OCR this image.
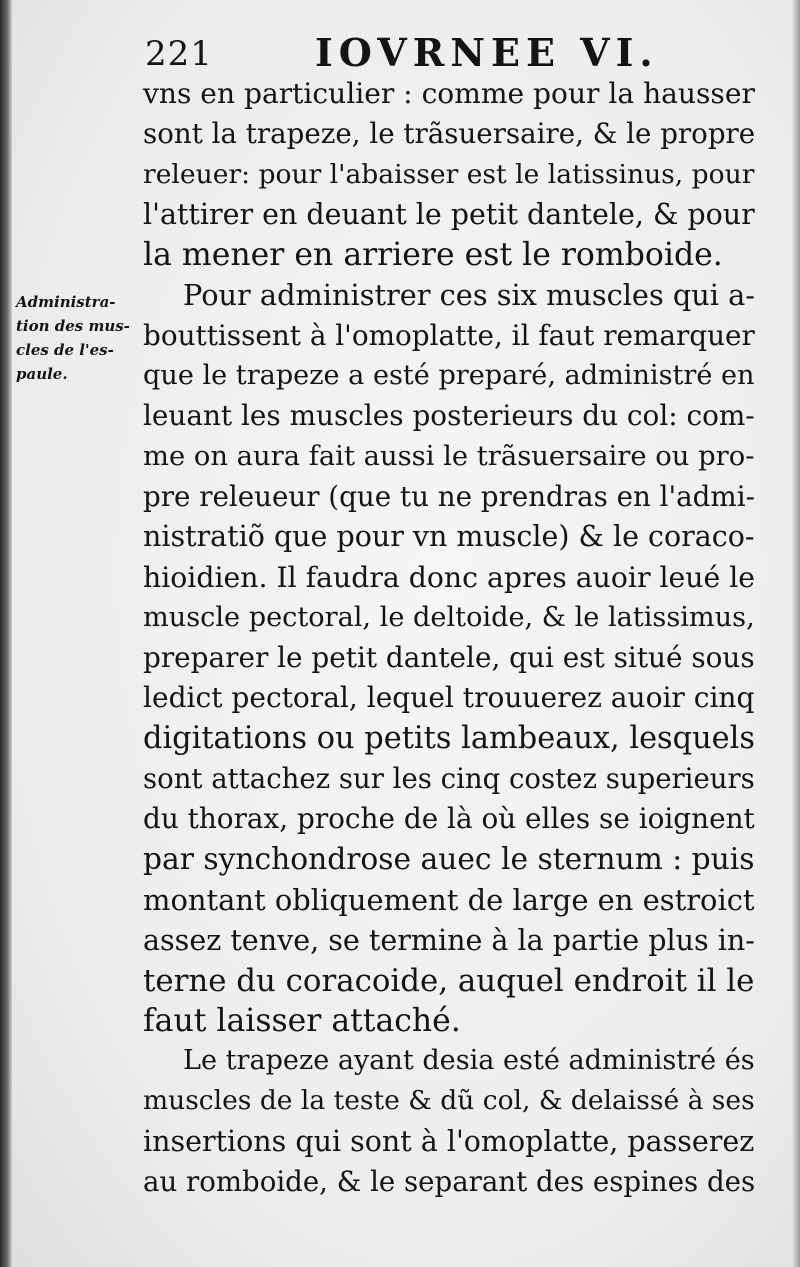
221	IOVRNEE VI.
Administra-
tion des mus-
cles de l'es-
paule.
vns en particulier : comme pour la hausser
sont la trapeze, le trãsuersaire, & le propre
releuer: pour l'abaisser est le latissinus, pour
l'attirer en deuant le petit dantele, & pour
la mener en arriere est le romboide.
Pour administrer ces six muscles qui a-
bouttissent à l'omoplatte, il faut remarquer
que le trapeze a esté preparé, administré en
leuant les muscles posterieurs du col: com-
me on aura fait aussi le trãsuersaire ou pro-
pre releueur (que tu ne prendras en l'admi-
nistratiõ que pour vn muscle) & le coraco-
hioidien. Il faudra donc apres auoir leué le
muscle pectoral, le deltoide, & le latissimus,
preparer le petit dantele, qui est situé sous
ledict pectoral, lequel trouuerez auoir cinq
digitations ou petits lambeaux, lesquels
sont attachez sur les cinq costez superieurs
du thorax, proche de là où elles se ioignent
par synchondrose auec le sternum : puis
montant obliquement de large en estroict
assez tenve, se termine à la partie plus in-
terne du coracoide, auquel endroit il le
faut laisser attaché.
Le trapeze ayant desia esté administré és
muscles de la teste & dũ col, & delaissé à ses
insertions qui sont à l'omoplatte, passerez
au romboide, & le separant des espines des
